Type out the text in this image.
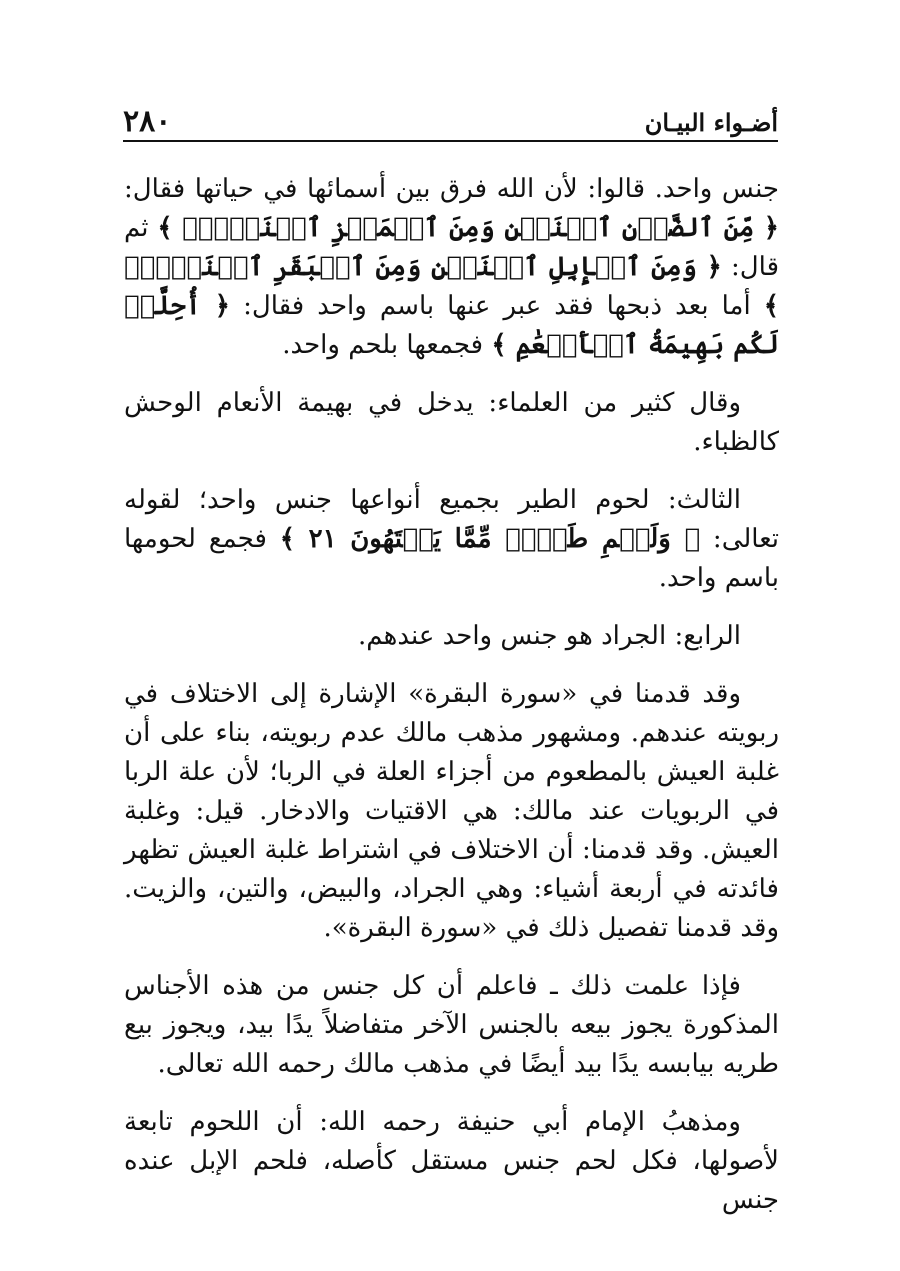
أضـواء البيـان
٢٨٠

جنس واحد. قالوا: لأن الله فرق بين أسمائها في حياتها فقال: ﴿ مِّنَ ٱلضَّأۡنِ ٱثۡنَيۡنِ وَمِنَ ٱلۡمَعۡزِ ٱثۡنَيۡنِۗ ﴾ ثم قال: ﴿ وَمِنَ ٱلۡإِبِلِ ٱثۡنَيۡنِ وَمِنَ ٱلۡبَقَرِ ٱثۡنَيۡنِۗ ﴾ أما بعد ذبحها فقد عبر عنها باسم واحد فقال: ﴿ أُحِلَّتۡ لَكُم بَهِيمَةُ ٱلۡأَنۡعَٰمِ ﴾ فجمعها بلحم واحد.

وقال كثير من العلماء: يدخل في بهيمة الأنعام الوحش كالظباء.

الثالث: لحوم الطير بجميع أنواعها جنس واحد؛ لقوله تعالى: ﴿ وَلَحۡمِ طَيۡرٖ مِّمَّا يَشۡتَهُونَ ٢١ ﴾ فجمع لحومها باسم واحد.

الرابع: الجراد هو جنس واحد عندهم.

وقد قدمنا في «سورة البقرة» الإشارة إلى الاختلاف في ربويته عندهم. ومشهور مذهب مالك عدم ربويته، بناء على أن غلبة العيش بالمطعوم من أجزاء العلة في الربا؛ لأن علة الربا في الربويات عند مالك: هي الاقتيات والادخار. قيل: وغلبة العيش. وقد قدمنا: أن الاختلاف في اشتراط غلبة العيش تظهر فائدته في أربعة أشياء: وهي الجراد، والبيض، والتين، والزيت. وقد قدمنا تفصيل ذلك في «سورة البقرة».

فإذا علمت ذلك ـ فاعلم أن كل جنس من هذه الأجناس المذكورة يجوز بيعه بالجنس الآخر متفاضلاً يدًا بيد، ويجوز بيع طريه بيابسه يدًا بيد أيضًا في مذهب مالك رحمه الله تعالى.

ومذهبُ الإمام أبي حنيفة رحمه الله: أن اللحوم تابعة لأصولها، فكل لحم جنس مستقل كأصله، فلحم الإبل عنده جنس
